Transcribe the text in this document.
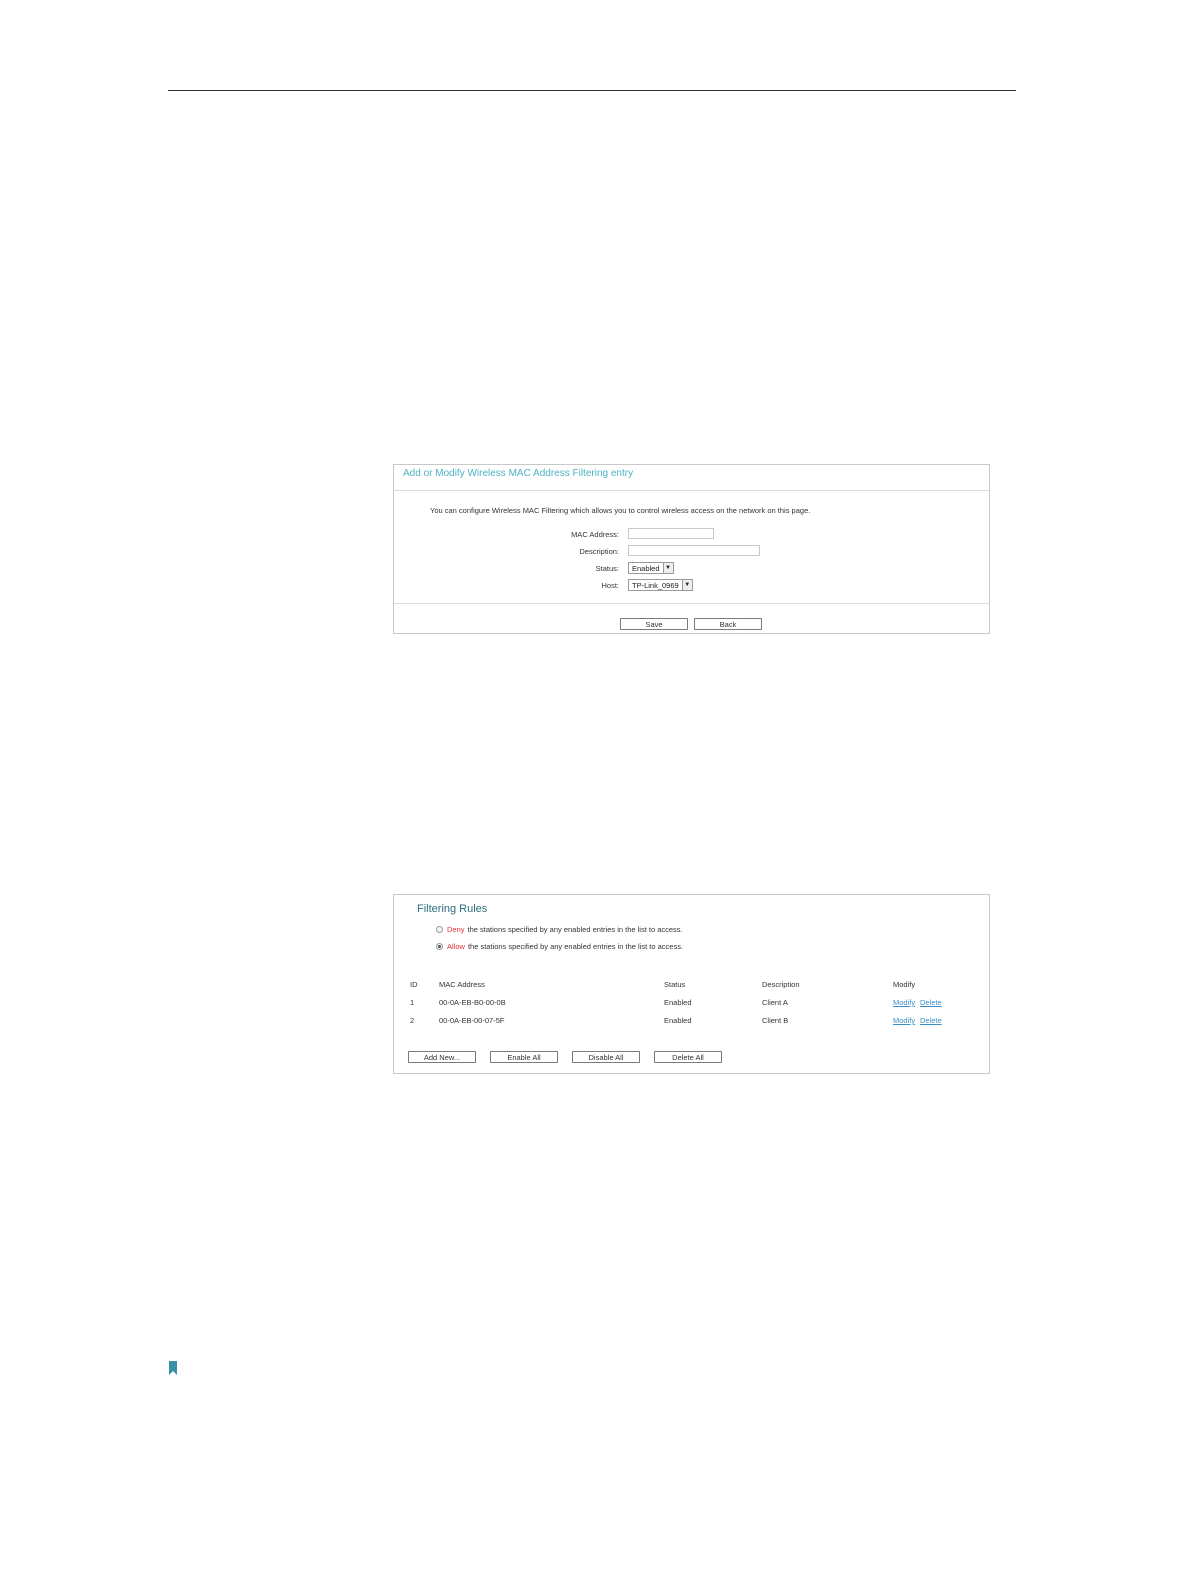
Add or Modify Wireless MAC Address Filtering entry
You can configure Wireless MAC Filtering which allows you to control wireless access on the network on this page.
MAC Address:
Description:
Status:	Enabled ▼
Host:	TP-Link_0969 ▼
Save	Back
Filtering Rules
Deny the stations specified by any enabled entries in the list to access.
Allow the stations specified by any enabled entries in the list to access.
ID	MAC Address	Status	Description	Modify
1	00-0A-EB-B0-00-0B	Enabled	Client A	Modify Delete
2	00-0A-EB-00-07-5F	Enabled	Client B	Modify Delete
Add New...	Enable All	Disable All	Delete All
